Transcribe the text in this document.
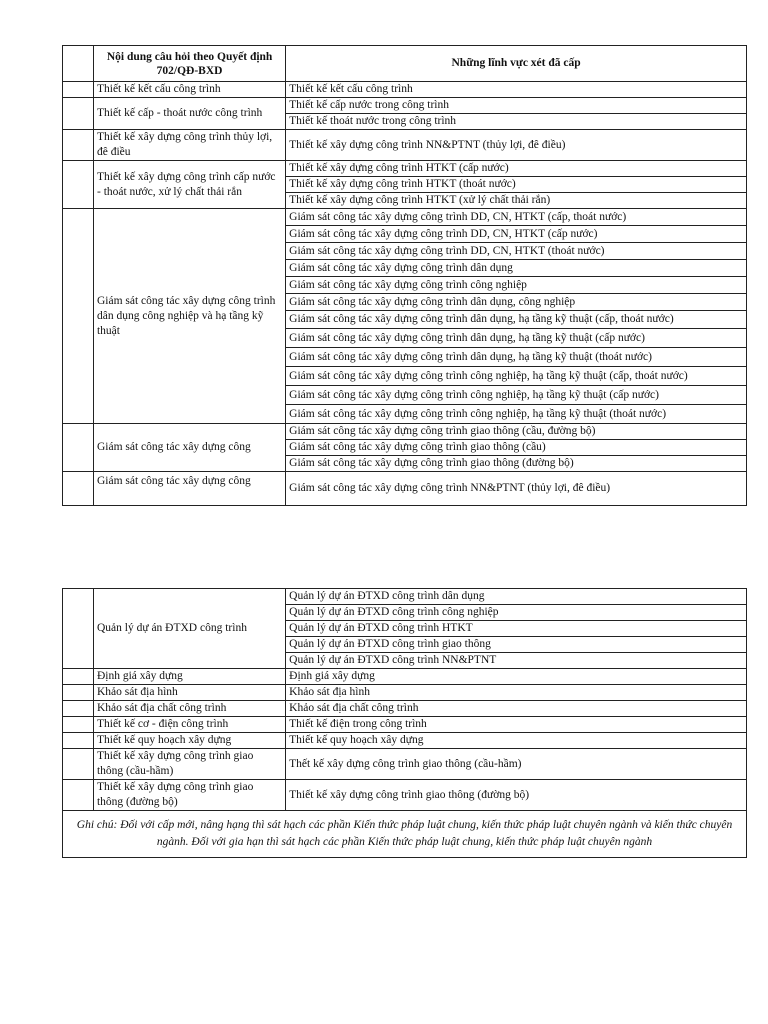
	Nội dung câu hỏi theo Quyết định 702/QĐ-BXD	Những lĩnh vực xét đã cấp
	Thiết kế kết cấu công trình	Thiết kế kết cấu công trình
	Thiết kế cấp - thoát nước công trình	Thiết kế cấp nước trong công trình
		Thiết kế thoát nước trong công trình
	Thiết kế xây dựng công trình thủy lợi, đê điều	Thiết kế xây dựng công trình NN&PTNT (thủy lợi, đê điều)
	Thiết kế xây dựng công trình cấp nước - thoát nước, xử lý chất thải rắn	Thiết kế xây dựng công trình HTKT (cấp nước)
		Thiết kế xây dựng công trình HTKT (thoát nước)
		Thiết kế xây dựng công trình HTKT (xử lý chất thải rắn)
	Giám sát công tác xây dựng công trình dân dụng công nghiệp và hạ tầng kỹ thuật	Giám sát công tác xây dựng công trình DD, CN, HTKT (cấp, thoát nước)
		Giám sát công tác xây dựng công trình DD, CN, HTKT (cấp nước)
		Giám sát công tác xây dựng công trình DD, CN, HTKT (thoát nước)
		Giám sát công tác xây dựng công trình dân dụng
		Giám sát công tác xây dựng công trình công nghiệp
		Giám sát công tác xây dựng công trình dân dụng, công nghiệp
		Giám sát công tác xây dựng công trình dân dụng, hạ tầng kỹ thuật (cấp, thoát nước)
		Giám sát công tác xây dựng công trình dân dụng, hạ tầng kỹ thuật (cấp nước)
		Giám sát công tác xây dựng công trình dân dụng, hạ tầng kỹ thuật (thoát nước)
		Giám sát công tác xây dựng công trình công nghiệp, hạ tầng kỹ thuật (cấp, thoát nước)
		Giám sát công tác xây dựng công trình công nghiệp, hạ tầng kỹ thuật (cấp nước)
		Giám sát công tác xây dựng công trình công nghiệp, hạ tầng kỹ thuật (thoát nước)
	Giám sát công tác xây dựng công	Giám sát công tác xây dựng công trình giao thông (cầu, đường bộ)
		Giám sát công tác xây dựng công trình giao thông (cầu)
		Giám sát công tác xây dựng công trình giao thông (đường bộ)
	Giám sát công tác xây dựng công	Giám sát công tác xây dựng công trình NN&PTNT (thủy lợi, đê điều)
	Quản lý dự án ĐTXD công trình	Quản lý dự án ĐTXD công trình dân dụng
		Quản lý dự án ĐTXD công trình công nghiệp
		Quản lý dự án ĐTXD công trình HTKT
		Quản lý dự án ĐTXD công trình giao thông
		Quản lý dự án ĐTXD công trình NN&PTNT
	Định giá xây dựng	Định giá xây dựng
	Khảo sát địa hình	Khảo sát địa hình
	Khảo sát địa chất công trình	Khảo sát địa chất công trình
	Thiết kế cơ - điện công trình	Thiết kế điện trong công trình
	Thiết kế quy hoạch xây dựng	Thiết kế quy hoạch xây dựng
	Thiết kế xây dựng công trình giao thông (cầu-hầm)	Thết kế xây dựng công trình giao thông (cầu-hầm)
	Thiết kế xây dựng công trình giao thông (đường bộ)	Thiết kế xây dựng công trình giao thông (đường bộ)
Ghi chú: Đối với cấp mới, nâng hạng thì sát hạch các phần Kiến thức pháp luật chung, kiến thức pháp luật chuyên ngành và kiến thức chuyên ngành. Đối với gia hạn thì sát hạch các phần Kiến thức pháp luật chung, kiến thức pháp luật chuyên ngành		
